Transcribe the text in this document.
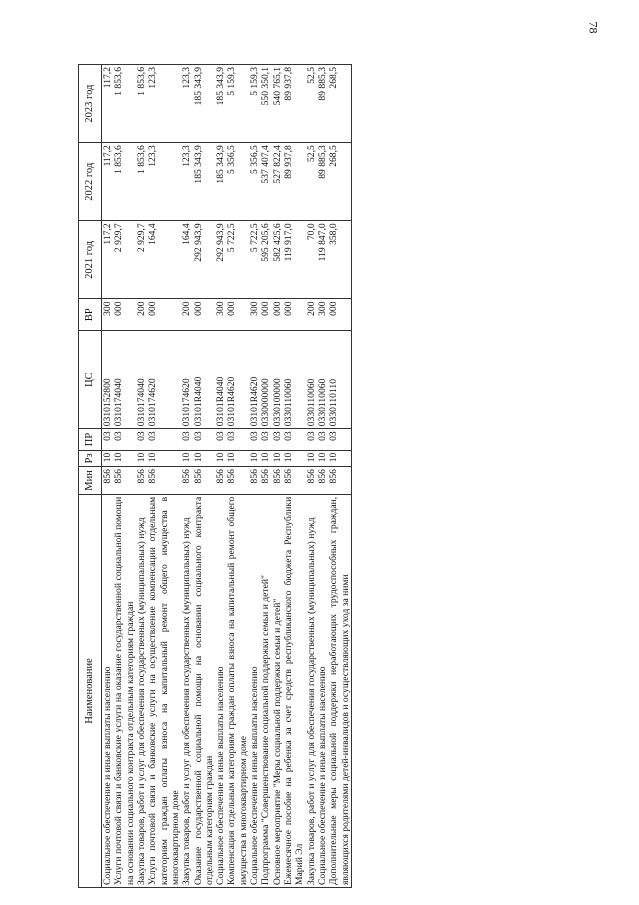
78
Наименование	Мин	Рз	ПР	ЦС	ВР	2021 год	2022 год	2023 год
Социальное обеспечение и иные выплаты населению	856	10	03	0310152800	300	117,2	117,2	117,2
Услуги почтовой связи и банковские услуги на оказание государственной социальной помощи на основании социального контракта отдельным категориям граждан	856	10	03	0310174040	000	2 929,7	1 853,6	1 853,6
Закупка товаров, работ и услуг для обеспечения государственных (муниципальных) нужд	856	10	03	0310174040	200	2 929,7	1 853,6	1 853,6
Услуги почтовой связи и банковские услуги на осуществление компенсации отдельным категориям граждан оплаты взноса на капитальный ремонт общего имущества в многоквартирном доме	856	10	03	0310174620	000	164,4	123,3	123,3
Закупка товаров, работ и услуг для обеспечения государственных (муниципальных) нужд	856	10	03	0310174620	200	164,4	123,3	123,3
Оказание государственной социальной помощи на основании социального контракта отдельным категориям граждан	856	10	03	03101R4040	000	292 943,9	185 343,9	185 343,9
Социальное обеспечение и иные выплаты населению	856	10	03	03101R4040	300	292 943,9	185 343,9	185 343,9
Компенсация отдельным категориям граждан оплаты взноса на капитальный ремонт общего имущества в многоквартирном доме	856	10	03	03101R4620	000	5 722,5	5 356,5	5 159,3
Социальное обеспечение и иные выплаты населению	856	10	03	03101R4620	300	5 722,5	5 356,5	5 159,3
Подпрограмма "Совершенствование социальной поддержки семьи и детей"	856	10	03	0330000000	000	595 205,6	537 407,4	550 350,1
Основное мероприятие "Меры социальной поддержки семьи и детей"	856	10	03	0330100000	000	582 425,6	527 822,4	540 765,1
Ежемесячное пособие на ребенка за счет средств республиканского бюджета Республики Марий Эл	856	10	03	0330110060	000	119 917,0	89 937,8	89 937,8
Закупка товаров, работ и услуг для обеспечения государственных (муниципальных) нужд	856	10	03	0330110060	200	70,0	52,5	52,5
Социальное обеспечение и иные выплаты населению	856	10	03	0330110060	300	119 847,0	89 885,3	89 885,3
Дополнительные меры социальной поддержки неработающих трудоспособных граждан, являющихся родителями детей-инвалидов и осуществляющих уход за ними	856	10	03	0330110110	000	358,0	268,5	268,5
